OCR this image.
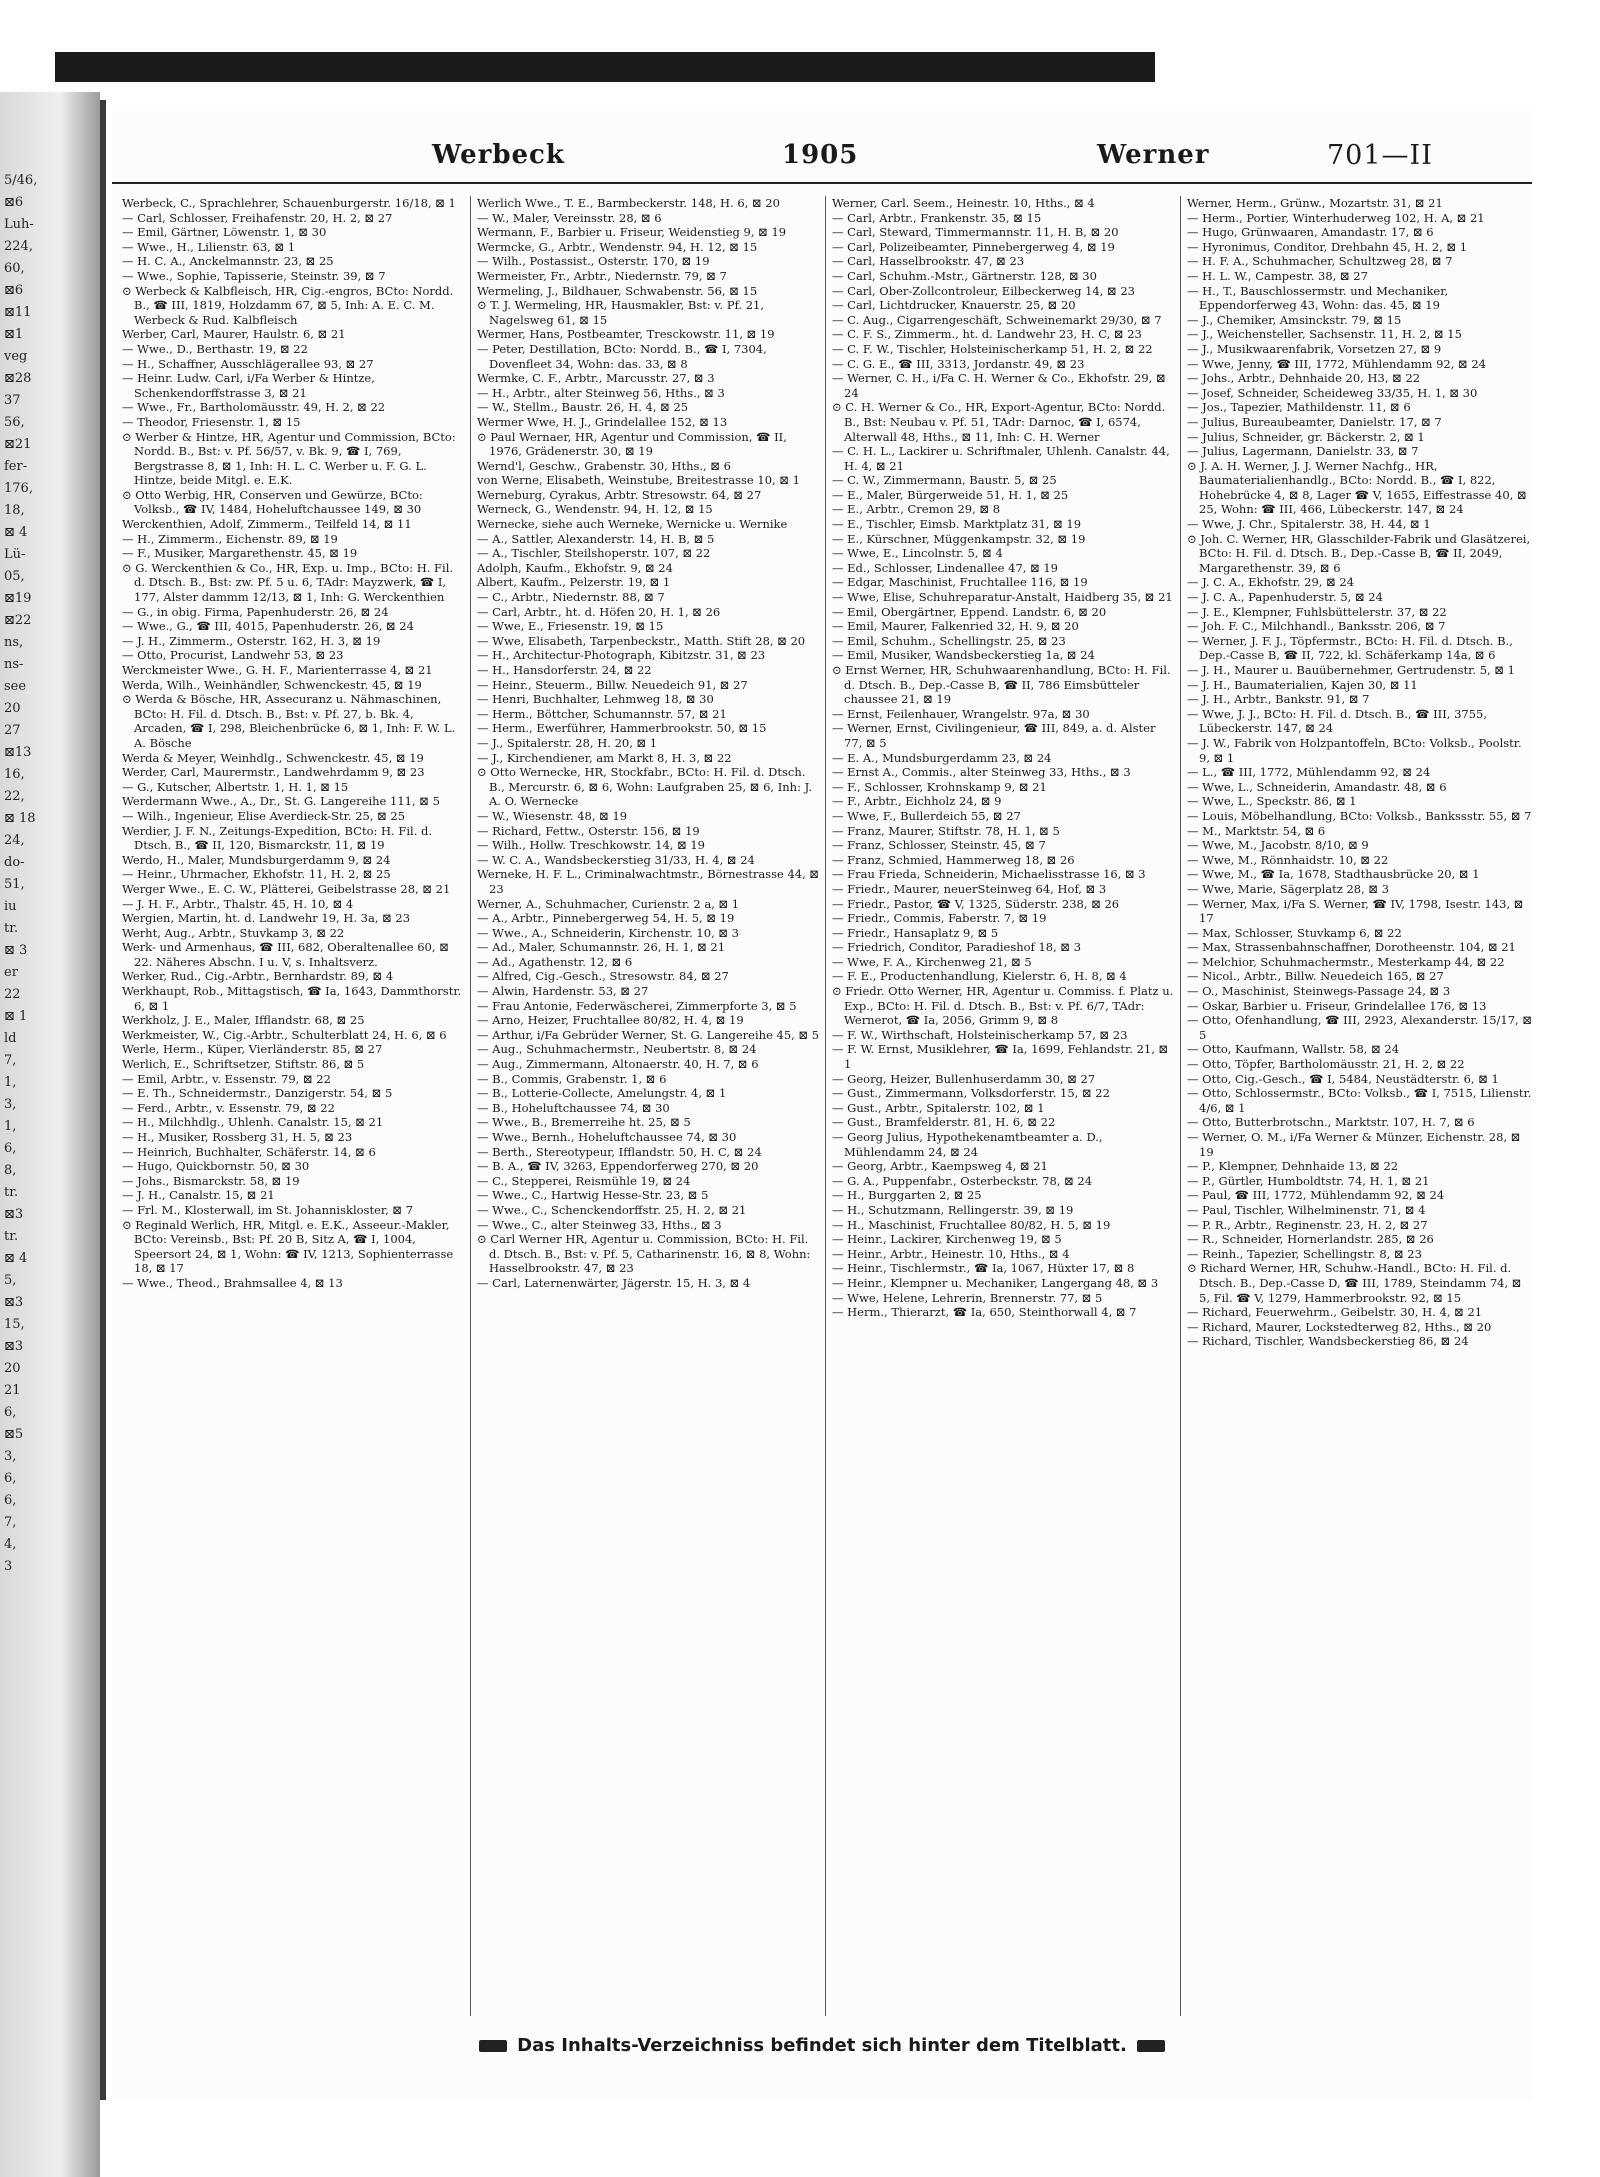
5/46,
⊠6
Luh-
224,
60,
⊠6
⊠11
⊠1
veg
⊠28
37
56,
⊠21
fer-
176,
18,
⊠ 4
Lü-
05,
⊠19
⊠22
ns,
ns-
see
20
27
⊠13
16,
22,
⊠ 18
24,
do-
51,
iu
tr.
⊠ 3
er
22
⊠ 1
ld
7,
1,
3,
1,
6,
8,
tr.
⊠3
tr.
⊠ 4
5,
⊠3
15,
⊠3
20
21
6,
⊠5
3,
6,
6,
7,
4,
3
Werbeck	1905	Werner	701—II

Werbeck, C., Sprachlehrer, Schauenburgerstr. 16/18, ⊠ 1

— Carl, Schlosser, Freihafenstr. 20, H. 2, ⊠ 27

— Emil, Gärtner, Löwenstr. 1, ⊠ 30

— Wwe., H., Lilienstr. 63, ⊠ 1

— H. C. A., Anckelmannstr. 23, ⊠ 25

— Wwe., Sophie, Tapisserie, Steinstr. 39, ⊠ 7

⊙ Werbeck & Kalbfleisch, HR, Cig.-engros, BCto: Nordd. B., ☎ III, 1819, Holzdamm 67, ⊠ 5, Inh: A. E. C. M. Werbeck & Rud. Kalbfleisch

Werber, Carl, Maurer, Haulstr. 6, ⊠ 21

— Wwe., D., Berthastr. 19, ⊠ 22

— H., Schaffner, Ausschlägerallee 93, ⊠ 27

— Heinr. Ludw. Carl, i/Fa Werber & Hintze, Schenkendorffstrasse 3, ⊠ 21

— Wwe., Fr., Bartholomäusstr. 49, H. 2, ⊠ 22

— Theodor, Friesenstr. 1, ⊠ 15

⊙ Werber & Hintze, HR, Agentur und Commission, BCto: Nordd. B., Bst: v. Pf. 56/57, v. Bk. 9, ☎ I, 769, Bergstrasse 8, ⊠ 1, Inh: H. L. C. Werber u. F. G. L. Hintze, beide Mitgl. e. E.K.

⊙ Otto Werbig, HR, Conserven und Gewürze, BCto: Volksb., ☎ IV, 1484, Hoheluftchaussee 149, ⊠ 30

Werckenthien, Adolf, Zimmerm., Teilfeld 14, ⊠ 11

— H., Zimmerm., Eichenstr. 89, ⊠ 19

— F., Musiker, Margarethenstr. 45, ⊠ 19

⊙ G. Werckenthien & Co., HR, Exp. u. Imp., BCto: H. Fil. d. Dtsch. B., Bst: zw. Pf. 5 u. 6, TAdr: Mayzwerk, ☎ I, 177, Alster dammm 12/13, ⊠ 1, Inh: G. Werckenthien

— G., in obig. Firma, Papenhuderstr. 26, ⊠ 24

— Wwe., G., ☎ III, 4015, Papenhuderstr. 26, ⊠ 24

— J. H., Zimmerm., Osterstr. 162, H. 3, ⊠ 19

— Otto, Procurist, Landwehr 53, ⊠ 23

Werckmeister Wwe., G. H. F., Marienterrasse 4, ⊠ 21

Werda, Wilh., Weinhändler, Schwenckestr. 45, ⊠ 19

⊙ Werda & Bösche, HR, Assecuranz u. Nähmaschinen, BCto: H. Fil. d. Dtsch. B., Bst: v. Pf. 27, b. Bk. 4, Arcaden, ☎ I, 298, Bleichenbrücke 6, ⊠ 1, Inh: F. W. L. A. Bösche

Werda & Meyer, Weinhdlg., Schwenckestr. 45, ⊠ 19

Werder, Carl, Maurermstr., Landwehrdamm 9, ⊠ 23

— G., Kutscher, Albertstr. 1, H. 1, ⊠ 15

Werdermann Wwe., A., Dr., St. G. Langereihe 111, ⊠ 5

— Wilh., Ingenieur, Elise Averdieck-Str. 25, ⊠ 25

Werdier, J. F. N., Zeitungs-Expedition, BCto: H. Fil. d. Dtsch. B., ☎ II, 120, Bismarckstr. 11, ⊠ 19

Werdo, H., Maler, Mundsburgerdamm 9, ⊠ 24

— Heinr., Uhrmacher, Ekhofstr. 11, H. 2, ⊠ 25

Werger Wwe., E. C. W., Plätterei, Geibelstrasse 28, ⊠ 21

— J. H. F., Arbtr., Thalstr. 45, H. 10, ⊠ 4

Wergien, Martin, ht. d. Landwehr 19, H. 3a, ⊠ 23

Werht, Aug., Arbtr., Stuvkamp 3, ⊠ 22

Werk- und Armenhaus, ☎ III, 682, Oberaltenallee 60, ⊠ 22. Näheres Abschn. I u. V, s. Inhaltsverz.

Werker, Rud., Cig.-Arbtr., Bernhardstr. 89, ⊠ 4

Werkhaupt, Rob., Mittagstisch, ☎ Ia, 1643, Dammthorstr. 6, ⊠ 1

Werkholz, J. E., Maler, Ifflandstr. 68, ⊠ 25

Werkmeister, W., Cig.-Arbtr., Schulterblatt 24, H. 6, ⊠ 6

Werle, Herm., Küper, Vierländerstr. 85, ⊠ 27

Werlich, E., Schriftsetzer, Stiftstr. 86, ⊠ 5

— Emil, Arbtr., v. Essenstr. 79, ⊠ 22

— E. Th., Schneidermstr., Danzigerstr. 54, ⊠ 5

— Ferd., Arbtr., v. Essenstr. 79, ⊠ 22

— H., Milchhdlg., Uhlenh. Canalstr. 15, ⊠ 21

— H., Musiker, Rossberg 31, H. 5, ⊠ 23

— Heinrich, Buchhalter, Schäferstr. 14, ⊠ 6

— Hugo, Quickbornstr. 50, ⊠ 30

— Johs., Bismarckstr. 58, ⊠ 19

— J. H., Canalstr. 15, ⊠ 21

— Frl. M., Klosterwall, im St. Johanniskloster, ⊠ 7

⊙ Reginald Werlich, HR, Mitgl. e. E.K., Asseeur.-Makler, BCto: Vereinsb., Bst: Pf. 20 B, Sitz A, ☎ I, 1004, Speersort 24, ⊠ 1, Wohn: ☎ IV, 1213, Sophienterrasse 18, ⊠ 17

— Wwe., Theod., Brahmsallee 4, ⊠ 13

Werlich Wwe., T. E., Barmbeckerstr. 148, H. 6, ⊠ 20

— W., Maler, Vereinsstr. 28, ⊠ 6

Wermann, F., Barbier u. Friseur, Weidenstieg 9, ⊠ 19

Wermcke, G., Arbtr., Wendenstr. 94, H. 12, ⊠ 15

— Wilh., Postassist., Osterstr. 170, ⊠ 19

Wermeister, Fr., Arbtr., Niedernstr. 79, ⊠ 7

Wermeling, J., Bildhauer, Schwabenstr. 56, ⊠ 15

⊙ T. J. Wermeling, HR, Hausmakler, Bst: v. Pf. 21, Nagelsweg 61, ⊠ 15

Wermer, Hans, Postbeamter, Tresckowstr. 11, ⊠ 19

— Peter, Destillation, BCto: Nordd. B., ☎ I, 7304, Dovenfleet 34, Wohn: das. 33, ⊠ 8

Wermke, C. F., Arbtr., Marcusstr. 27, ⊠ 3

— H., Arbtr., alter Steinweg 56, Hths., ⊠ 3

— W., Stellm., Baustr. 26, H. 4, ⊠ 25

Wermer Wwe, H. J., Grindelallee 152, ⊠ 13

⊙ Paul Wernaer, HR, Agentur und Commission, ☎ II, 1976, Grädenerstr. 30, ⊠ 19

Wernd'l, Geschw., Grabenstr. 30, Hths., ⊠ 6

von Werne, Elisabeth, Weinstube, Breitestrasse 10, ⊠ 1

Werneburg, Cyrakus, Arbtr. Stresowstr. 64, ⊠ 27

Werneck, G., Wendenstr. 94, H. 12, ⊠ 15

Wernecke, siehe auch Werneke, Wernicke u. Wernike

— A., Sattler, Alexanderstr. 14, H. B, ⊠ 5

— A., Tischler, Steilshoperstr. 107, ⊠ 22

Adolph, Kaufm., Ekhofstr. 9, ⊠ 24

Albert, Kaufm., Pelzerstr. 19, ⊠ 1

— C., Arbtr., Niedernstr. 88, ⊠ 7

— Carl, Arbtr., ht. d. Höfen 20, H. 1, ⊠ 26

— Wwe, E., Friesenstr. 19, ⊠ 15

— Wwe, Elisabeth, Tarpenbeckstr., Matth. Stift 28, ⊠ 20

— H., Architectur-Photograph, Kibitzstr. 31, ⊠ 23

— H., Hansdorferstr. 24, ⊠ 22

— Heinr., Steuerm., Billw. Neuedeich 91, ⊠ 27

— Henri, Buchhalter, Lehmweg 18, ⊠ 30

— Herm., Böttcher, Schumannstr. 57, ⊠ 21

— Herm., Ewerführer, Hammerbrookstr. 50, ⊠ 15

— J., Spitalerstr. 28, H. 20, ⊠ 1

— J., Kirchendiener, am Markt 8, H. 3, ⊠ 22

⊙ Otto Wernecke, HR, Stockfabr., BCto: H. Fil. d. Dtsch. B., Mercurstr. 6, ⊠ 6, Wohn: Laufgraben 25, ⊠ 6, Inh: J. A. O. Wernecke

— W., Wiesenstr. 48, ⊠ 19

— Richard, Fettw., Osterstr. 156, ⊠ 19

— Wilh., Hollw. Treschkowstr. 14, ⊠ 19

— W. C. A., Wandsbeckerstieg 31/33, H. 4, ⊠ 24

Werneke, H. F. L., Criminalwachtmstr., Börnestrasse 44, ⊠ 23

Werner, A., Schuhmacher, Curienstr. 2 a, ⊠ 1

— A., Arbtr., Pinnebergerweg 54, H. 5, ⊠ 19

— Wwe., A., Schneiderin, Kirchenstr. 10, ⊠ 3

— Ad., Maler, Schumannstr. 26, H. 1, ⊠ 21

— Ad., Agathenstr. 12, ⊠ 6

— Alfred, Cig.-Gesch., Stresowstr. 84, ⊠ 27

— Alwin, Hardenstr. 53, ⊠ 27

— Frau Antonie, Federwäscherei, Zimmerpforte 3, ⊠ 5

— Arno, Heizer, Fruchtallee 80/82, H. 4, ⊠ 19

— Arthur, i/Fa Gebrüder Werner, St. G. Langereihe 45, ⊠ 5

— Aug., Schuhmachermstr., Neubertstr. 8, ⊠ 24

— Aug., Zimmermann, Altonaerstr. 40, H. 7, ⊠ 6

— B., Commis, Grabenstr. 1, ⊠ 6

— B., Lotterie-Collecte, Amelungstr. 4, ⊠ 1

— B., Hoheluftchaussee 74, ⊠ 30

— Wwe., B., Bremerreihe ht. 25, ⊠ 5

— Wwe., Bernh., Hoheluftchaussee 74, ⊠ 30

— Berth., Stereotypeur, Ifflandstr. 50, H. C, ⊠ 24

— B. A., ☎ IV, 3263, Eppendorferweg 270, ⊠ 20

— C., Stepperei, Reismühle 19, ⊠ 24

— Wwe., C., Hartwig Hesse-Str. 23, ⊠ 5

— Wwe., C., Schenckendorffstr. 25, H. 2, ⊠ 21

— Wwe., C., alter Steinweg 33, Hths., ⊠ 3

⊙ Carl Werner HR, Agentur u. Commission, BCto: H. Fil. d. Dtsch. B., Bst: v. Pf. 5, Catharinenstr. 16, ⊠ 8, Wohn: Hasselbrookstr. 47, ⊠ 23

— Carl, Laternenwärter, Jägerstr. 15, H. 3, ⊠ 4

Werner, Carl. Seem., Heinestr. 10, Hths., ⊠ 4

— Carl, Arbtr., Frankenstr. 35, ⊠ 15

— Carl, Steward, Timmermannstr. 11, H. B, ⊠ 20

— Carl, Polizeibeamter, Pinnebergerweg 4, ⊠ 19

— Carl, Hasselbrookstr. 47, ⊠ 23

— Carl, Schuhm.-Mstr., Gärtnerstr. 128, ⊠ 30

— Carl, Ober-Zollcontroleur, Eilbeckerweg 14, ⊠ 23

— Carl, Lichtdrucker, Knauerstr. 25, ⊠ 20

— C. Aug., Cigarrengeschäft, Schweinemarkt 29/30, ⊠ 7

— C. F. S., Zimmerm., ht. d. Landwehr 23, H. C, ⊠ 23

— C. F. W., Tischler, Holsteinischerkamp 51, H. 2, ⊠ 22

— C. G. E., ☎ III, 3313, Jordanstr. 49, ⊠ 23

— Werner, C. H., i/Fa C. H. Werner & Co., Ekhofstr. 29, ⊠ 24

⊙ C. H. Werner & Co., HR, Export-Agentur, BCto: Nordd. B., Bst: Neubau v. Pf. 51, TAdr: Darnoc, ☎ I, 6574, Alterwall 48, Hths., ⊠ 11, Inh: C. H. Werner

— C. H. L., Lackirer u. Schriftmaler, Uhlenh. Canalstr. 44, H. 4, ⊠ 21

— C. W., Zimmermann, Baustr. 5, ⊠ 25

— E., Maler, Bürgerweide 51, H. 1, ⊠ 25

— E., Arbtr., Cremon 29, ⊠ 8

— E., Tischler, Eimsb. Marktplatz 31, ⊠ 19

— E., Kürschner, Müggenkampstr. 32, ⊠ 19

— Wwe, E., Lincolnstr. 5, ⊠ 4

— Ed., Schlosser, Lindenallee 47, ⊠ 19

— Edgar, Maschinist, Fruchtallee 116, ⊠ 19

— Wwe, Elise, Schuhreparatur-Anstalt, Haidberg 35, ⊠ 21

— Emil, Obergärtner, Eppend. Landstr. 6, ⊠ 20

— Emil, Maurer, Falkenried 32, H. 9, ⊠ 20

— Emil, Schuhm., Schellingstr. 25, ⊠ 23

— Emil, Musiker, Wandsbeckerstieg 1a, ⊠ 24

⊙ Ernst Werner, HR, Schuhwaarenhandlung, BCto: H. Fil. d. Dtsch. B., Dep.-Casse B, ☎ II, 786 Eimsbütteler chaussee 21, ⊠ 19

— Ernst, Feilenhauer, Wrangelstr. 97a, ⊠ 30

— Werner, Ernst, Civilingenieur, ☎ III, 849, a. d. Alster 77, ⊠ 5

— E. A., Mundsburgerdamm 23, ⊠ 24

— Ernst A., Commis., alter Steinweg 33, Hths., ⊠ 3

— F., Schlosser, Krohnskamp 9, ⊠ 21

— F., Arbtr., Eichholz 24, ⊠ 9

— Wwe, F., Bullerdeich 55, ⊠ 27

— Franz, Maurer, Stiftstr. 78, H. 1, ⊠ 5

— Franz, Schlosser, Steinstr. 45, ⊠ 7

— Franz, Schmied, Hammerweg 18, ⊠ 26

— Frau Frieda, Schneiderin, Michaelisstrasse 16, ⊠ 3

— Friedr., Maurer, neuerSteinweg 64, Hof, ⊠ 3

— Friedr., Pastor, ☎ V, 1325, Süderstr. 238, ⊠ 26

— Friedr., Commis, Faberstr. 7, ⊠ 19

— Friedr., Hansaplatz 9, ⊠ 5

— Friedrich, Conditor, Paradieshof 18, ⊠ 3

— Wwe, F. A., Kirchenweg 21, ⊠ 5

— F. E., Productenhandlung, Kielerstr. 6, H. 8, ⊠ 4

⊙ Friedr. Otto Werner, HR, Agentur u. Commiss. f. Platz u. Exp., BCto: H. Fil. d. Dtsch. B., Bst: v. Pf. 6/7, TAdr: Wernerot, ☎ Ia, 2056, Grimm 9, ⊠ 8

— F. W., Wirthschaft, Holsteinischerkamp 57, ⊠ 23

— F. W. Ernst, Musiklehrer, ☎ Ia, 1699, Fehlandstr. 21, ⊠ 1

— Georg, Heizer, Bullenhuserdamm 30, ⊠ 27

— Gust., Zimmermann, Volksdorferstr. 15, ⊠ 22

— Gust., Arbtr., Spitalerstr. 102, ⊠ 1

— Gust., Bramfelderstr. 81, H. 6, ⊠ 22

— Georg Julius, Hypothekenamtbeamter a. D., Mühlendamm 24, ⊠ 24

— Georg, Arbtr., Kaempsweg 4, ⊠ 21

— G. A., Puppenfabr., Osterbeckstr. 78, ⊠ 24

— H., Burggarten 2, ⊠ 25

— H., Schutzmann, Rellingerstr. 39, ⊠ 19

— H., Maschinist, Fruchtallee 80/82, H. 5, ⊠ 19

— Heinr., Lackirer, Kirchenweg 19, ⊠ 5

— Heinr., Arbtr., Heinestr. 10, Hths., ⊠ 4

— Heinr., Tischlermstr., ☎ Ia, 1067, Hüxter 17, ⊠ 8

— Heinr., Klempner u. Mechaniker, Langergang 48, ⊠ 3

— Wwe, Helene, Lehrerin, Brennerstr. 77, ⊠ 5

— Herm., Thierarzt, ☎ Ia, 650, Steinthorwall 4, ⊠ 7

Werner, Herm., Grünw., Mozartstr. 31, ⊠ 21

— Herm., Portier, Winterhuderweg 102, H. A, ⊠ 21

— Hugo, Grünwaaren, Amandastr. 17, ⊠ 6

— Hyronimus, Conditor, Drehbahn 45, H. 2, ⊠ 1

— H. F. A., Schuhmacher, Schultzweg 28, ⊠ 7

— H. L. W., Campestr. 38, ⊠ 27

— H., T., Bauschlossermstr. und Mechaniker, Eppendorferweg 43, Wohn: das. 45, ⊠ 19

— J., Chemiker, Amsinckstr. 79, ⊠ 15

— J., Weichensteller, Sachsenstr. 11, H. 2, ⊠ 15

— J., Musikwaarenfabrik, Vorsetzen 27, ⊠ 9

— Wwe, Jenny, ☎ III, 1772, Mühlendamm 92, ⊠ 24

— Johs., Arbtr., Dehnhaide 20, H3, ⊠ 22

— Josef, Schneider, Scheideweg 33/35, H. 1, ⊠ 30

— Jos., Tapezier, Mathildenstr. 11, ⊠ 6

— Julius, Bureaubeamter, Danielstr. 17, ⊠ 7

— Julius, Schneider, gr. Bäckerstr. 2, ⊠ 1

— Julius, Lagermann, Danielstr. 33, ⊠ 7

⊙ J. A. H. Werner, J. J. Werner Nachfg., HR, Baumaterialienhandlg., BCto: Nordd. B., ☎ I, 822, Hohebrücke 4, ⊠ 8, Lager ☎ V, 1655, Eiffestrasse 40, ⊠ 25, Wohn: ☎ III, 466, Lübeckerstr. 147, ⊠ 24

— Wwe, J. Chr., Spitalerstr. 38, H. 44, ⊠ 1

⊙ Joh. C. Werner, HR, Glasschilder-Fabrik und Glasätzerei, BCto: H. Fil. d. Dtsch. B., Dep.-Casse B, ☎ II, 2049, Margarethenstr. 39, ⊠ 6

— J. C. A., Ekhofstr. 29, ⊠ 24

— J. C. A., Papenhuderstr. 5, ⊠ 24

— J. E., Klempner, Fuhlsbüttelerstr. 37, ⊠ 22

— Joh. F. C., Milchhandl., Banksstr. 206, ⊠ 7

— Werner, J. F. J., Töpfermstr., BCto: H. Fil. d. Dtsch. B., Dep.-Casse B, ☎ II, 722, kl. Schäferkamp 14a, ⊠ 6

— J. H., Maurer u. Bauübernehmer, Gertrudenstr. 5, ⊠ 1

— J. H., Baumaterialien, Kajen 30, ⊠ 11

— J. H., Arbtr., Bankstr. 91, ⊠ 7

— Wwe, J. J., BCto: H. Fil. d. Dtsch. B., ☎ III, 3755, Lübeckerstr. 147, ⊠ 24

— J. W., Fabrik von Holzpantoffeln, BCto: Volksb., Poolstr. 9, ⊠ 1

— L., ☎ III, 1772, Mühlendamm 92, ⊠ 24

— Wwe, L., Schneiderin, Amandastr. 48, ⊠ 6

— Wwe, L., Speckstr. 86, ⊠ 1

— Louis, Möbelhandlung, BCto: Volksb., Bankssstr. 55, ⊠ 7

— M., Marktstr. 54, ⊠ 6

— Wwe, M., Jacobstr. 8/10, ⊠ 9

— Wwe, M., Rönnhaidstr. 10, ⊠ 22

— Wwe, M., ☎ Ia, 1678, Stadthausbrücke 20, ⊠ 1

— Wwe, Marie, Sägerplatz 28, ⊠ 3

— Werner, Max, i/Fa S. Werner, ☎ IV, 1798, Isestr. 143, ⊠ 17

— Max, Schlosser, Stuvkamp 6, ⊠ 22

— Max, Strassenbahnschaffner, Dorotheenstr. 104, ⊠ 21

— Melchior, Schuhmachermstr., Mesterkamp 44, ⊠ 22

— Nicol., Arbtr., Billw. Neuedeich 165, ⊠ 27

— O., Maschinist, Steinwegs-Passage 24, ⊠ 3

— Oskar, Barbier u. Friseur, Grindelallee 176, ⊠ 13

— Otto, Ofenhandlung, ☎ III, 2923, Alexanderstr. 15/17, ⊠ 5

— Otto, Kaufmann, Wallstr. 58, ⊠ 24

— Otto, Töpfer, Bartholomäusstr. 21, H. 2, ⊠ 22

— Otto, Cig.-Gesch., ☎ I, 5484, Neustädterstr. 6, ⊠ 1

— Otto, Schlossermstr., BCto: Volksb., ☎ I, 7515, Lilienstr. 4/6, ⊠ 1

— Otto, Butterbrotschn., Marktstr. 107, H. 7, ⊠ 6

— Werner, O. M., i/Fa Werner & Münzer, Eichenstr. 28, ⊠ 19

— P., Klempner, Dehnhaide 13, ⊠ 22

— P., Gürtler, Humboldtstr. 74, H. 1, ⊠ 21

— Paul, ☎ III, 1772, Mühlendamm 92, ⊠ 24

— Paul, Tischler, Wilhelminenstr. 71, ⊠ 4

— P. R., Arbtr., Reginenstr. 23, H. 2, ⊠ 27

— R., Schneider, Hornerlandstr. 285, ⊠ 26

— Reinh., Tapezier, Schellingstr. 8, ⊠ 23

⊙ Richard Werner, HR, Schuhw.-Handl., BCto: H. Fil. d. Dtsch. B., Dep.-Casse D, ☎ III, 1789, Steindamm 74, ⊠ 5, Fil. ☎ V, 1279, Hammerbrookstr. 92, ⊠ 15

— Richard, Feuerwehrm., Geibelstr. 30, H. 4, ⊠ 21

— Richard, Maurer, Lockstedterweg 82, Hths., ⊠ 20

— Richard, Tischler, Wandsbeckerstieg 86, ⊠ 24

Das Inhalts-Verzeichniss befindet sich hinter dem Titelblatt.
